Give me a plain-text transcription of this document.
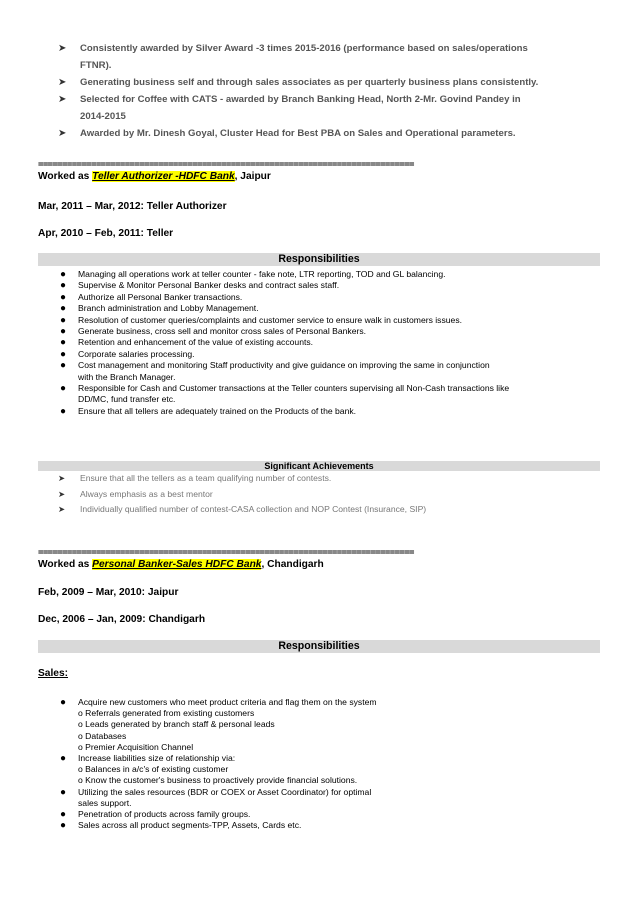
➤ Consistently awarded by Silver Award -3 times 2015-2016 (performance based on sales/operations
FTNR).
➤ Generating business self and through sales associates as per quarterly business plans consistently.
➤ Selected for Coffee with CATS - awarded by Branch Banking Head, North 2-Mr. Govind Pandey in
2014-2015
➤ Awarded by Mr. Dinesh Goyal, Cluster Head for Best PBA on Sales and Operational parameters.
==============================================================================
Worked as Teller Authorizer -HDFC Bank, Jaipur
Mar, 2011 – Mar, 2012: Teller Authorizer
Apr, 2010 – Feb, 2011: Teller
Responsibilities
● Managing all operations work at teller counter - fake note, LTR reporting, TOD and GL balancing.
● Supervise & Monitor Personal Banker desks and contract sales staff.
● Authorize all Personal Banker transactions.
● Branch administration and Lobby Management.
● Resolution of customer queries/complaints and customer service to ensure walk in customers issues.
● Generate business, cross sell and monitor cross sales of Personal Bankers.
● Retention and enhancement of the value of existing accounts.
● Corporate salaries processing.
● Cost management and monitoring Staff productivity and give guidance on improving the same in conjunction
with the Branch Manager.
● Responsible for Cash and Customer transactions at the Teller counters supervising all Non-Cash transactions like
DD/MC, fund transfer etc.
● Ensure that all tellers are adequately trained on the Products of the bank.
Significant Achievements
➤ Ensure that all the tellers as a team qualifying number of contests.
➤ Always emphasis as a best mentor
➤ Individually qualified number of contest-CASA collection and NOP Contest (Insurance, SIP)
==============================================================================
Worked as Personal Banker-Sales HDFC Bank, Chandigarh
Feb, 2009 – Mar, 2010: Jaipur
Dec, 2006 – Jan, 2009: Chandigarh
Responsibilities
Sales:
● Acquire new customers who meet product criteria and flag them on the system
o Referrals generated from existing customers
o Leads generated by branch staff & personal leads
o Databases
o Premier Acquisition Channel
● Increase liabilities size of relationship via:
o Balances in a/c's of existing customer
o Know the customer's business to proactively provide financial solutions.
● Utilizing the sales resources (BDR or COEX or Asset Coordinator) for optimal
sales support.
● Penetration of products across family groups.
● Sales across all product segments-TPP, Assets, Cards etc.
